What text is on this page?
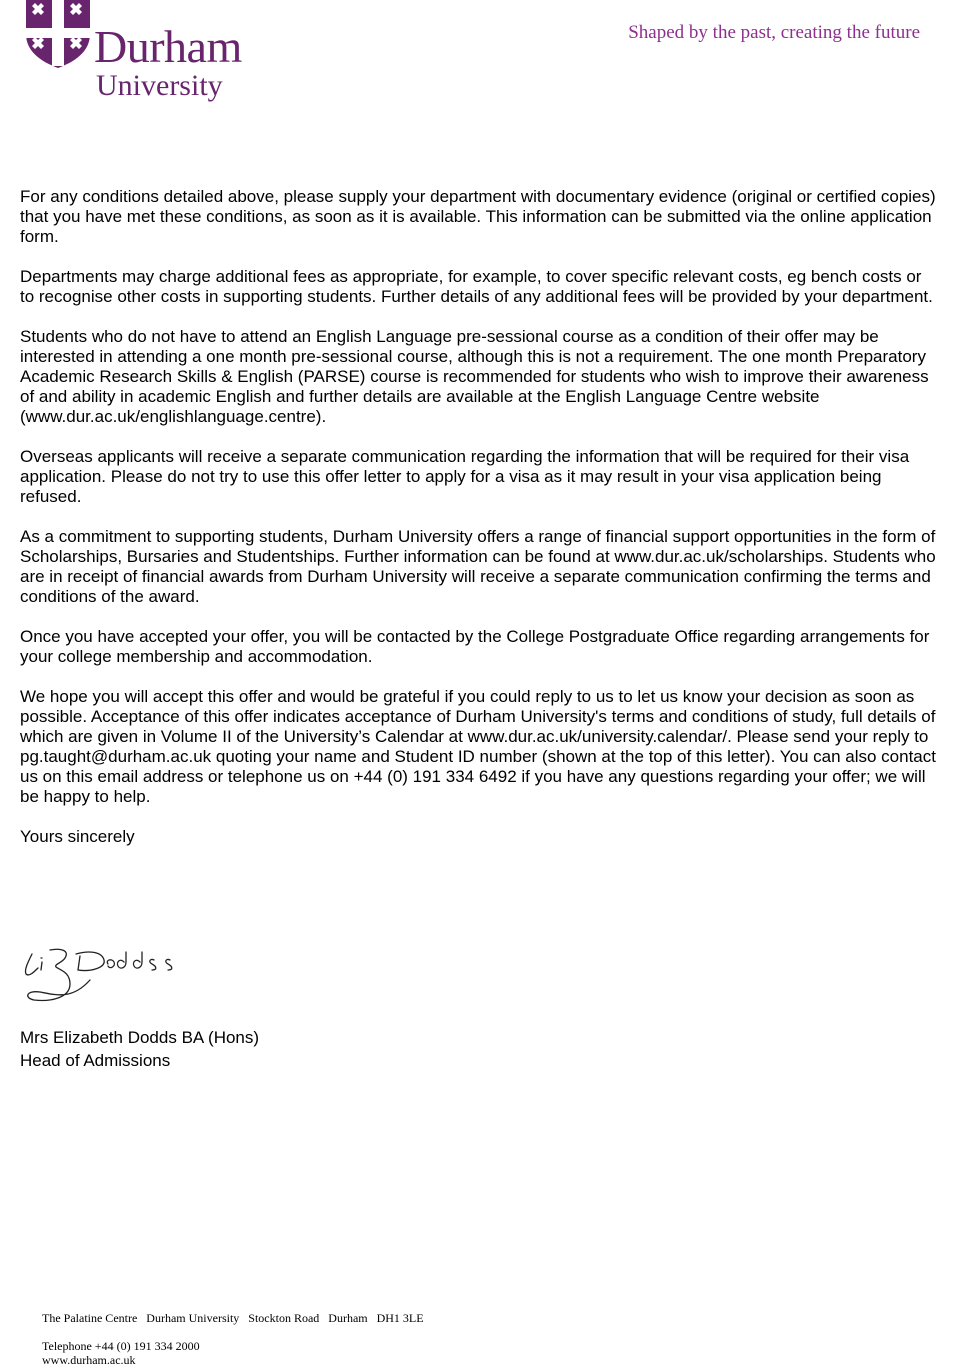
Durham
University
Shaped by the past, creating the future

For any conditions detailed above, please supply your department with documentary evidence (original or certified copies) that you have met these conditions, as soon as it is available. This information can be submitted via the online application form.

Departments may charge additional fees as appropriate, for example, to cover specific relevant costs, eg bench costs or to recognise other costs in supporting students. Further details of any additional fees will be provided by your department.

Students who do not have to attend an English Language pre-sessional course as a condition of their offer may be interested in attending a one month pre-sessional course, although this is not a requirement. The one month Preparatory Academic Research Skills & English (PARSE) course is recommended for students who wish to improve their awareness of and ability in academic English and further details are available at the English Language Centre website (www.dur.ac.uk/englishlanguage.centre).

Overseas applicants will receive a separate communication regarding the information that will be required for their visa application. Please do not try to use this offer letter to apply for a visa as it may result in your visa application being refused.

As a commitment to supporting students, Durham University offers a range of financial support opportunities in the form of Scholarships, Bursaries and Studentships. Further information can be found at www.dur.ac.uk/scholarships. Students who are in receipt of financial awards from Durham University will receive a separate communication confirming the terms and conditions of the award.

Once you have accepted your offer, you will be contacted by the College Postgraduate Office regarding arrangements for your college membership and accommodation.

We hope you will accept this offer and would be grateful if you could reply to us to let us know your decision as soon as possible. Acceptance of this offer indicates acceptance of Durham University's terms and conditions of study, full details of which are given in Volume II of the University’s Calendar at www.dur.ac.uk/university.calendar/. Please send your reply to pg.taught@durham.ac.uk quoting your name and Student ID number (shown at the top of this letter). You can also contact us on this email address or telephone us on +44 (0) 191 334 6492 if you have any questions regarding your offer; we will be happy to help.

Yours sincerely

Mrs Elizabeth Dodds BA (Hons)
Head of Admissions
The Palatine Centre   Durham University   Stockton Road   Durham   DH1 3LE
Telephone +44 (0) 191 334 2000
www.durham.ac.uk
